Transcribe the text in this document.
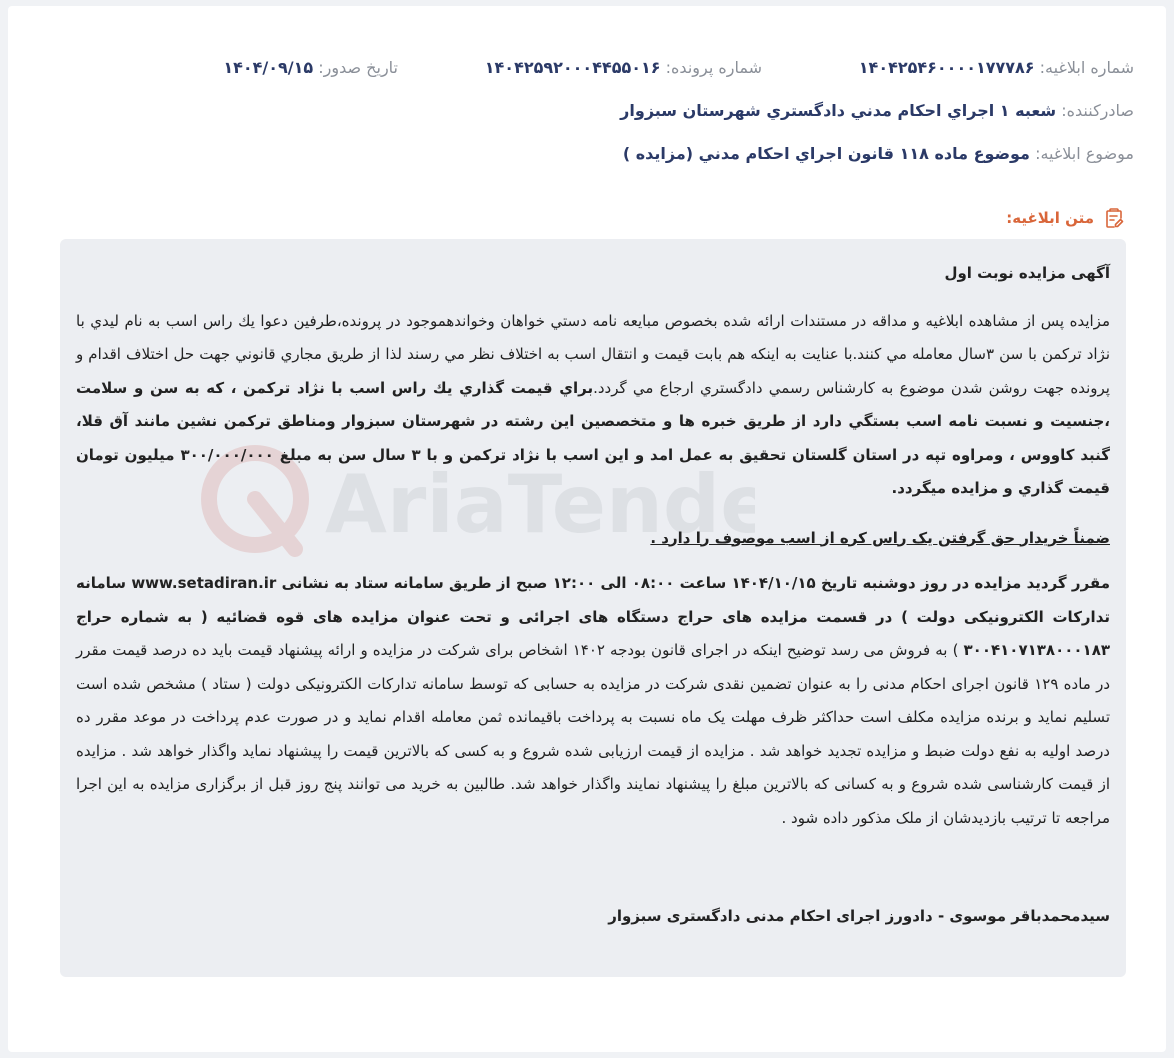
شماره ابلاغیه: ۱۴۰۴۲۵۴۶۰۰۰۰۱۷۷۷۸۶
شماره پرونده: ۱۴۰۴۲۵۹۲۰۰۰۴۴۵۵۰۱۶
تاریخ صدور: ۱۴۰۴/۰۹/۱۵
صادرکننده: شعبه ۱ اجراي احکام مدني دادگستري شهرستان سبزوار
موضوع ابلاغیه: موضوع ماده ۱۱۸ قانون اجراي احکام مدني (مزايده )
متن ابلاغیه:
AriaTende
آگهی مزایده نوبت اول

مزايده پس از مشاهده ابلاغيه و مداقه در مستندات ارائه شده بخصوص مبايعه نامه دستي خواهان وخواندهموجود در پرونده،طرفين دعوا يك راس اسب به نام ليدي با نژاد تركمن با سن ۳سال معامله مي كنند.با عنايت به اينكه هم بابت قيمت و انتقال اسب به اختلاف نظر مي رسند لذا از طريق مجاري قانوني جهت حل اختلاف اقدام و پرونده جهت روشن شدن موضوع به كارشناس رسمي دادگستري ارجاع مي گردد.براي قيمت گذاري يك راس اسب با نژاد تركمن ، كه به سن و سلامت ،جنسيت و نسبت نامه اسب بستگي دارد از طريق خبره ها و متخصصين اين رشته در شهرستان سبزوار ومناطق تركمن نشين مانند آق قلا، گنبد كاووس ، ومراوه تپه در استان گلستان تحقيق به عمل امد و اين اسب با نژاد تركمن و با ۳ سال سن به مبلغ ۳۰۰/۰۰۰/۰۰۰ ميليون تومان قيمت گذاري و مزايده ميگردد.

ضمناً خریدار حق گرفتن یک راس کره از اسب موصوف را دارد .

مقرر گردید مزایده در روز دوشنبه تاریخ ۱۴۰۴/۱۰/۱۵ ساعت ۰۸:۰۰ الی ۱۲:۰۰ صبح از طریق سامانه ستاد به نشانی www.setadiran.ir سامانه تدارکات الکترونیکی دولت ) در قسمت مزایده های حراج دستگاه های اجرائی و تحت عنوان مزایده های قوه قضائیه ( به شماره حراج ۳۰۰۴۱۰۷۱۳۸۰۰۰۱۸۳ ) به فروش می رسد توضیح اینکه در اجرای قانون بودجه ۱۴۰۲ اشخاص برای شرکت در مزایده و ارائه پیشنهاد قیمت باید ده درصد قیمت مقرر در ماده ۱۲۹ قانون اجرای احکام مدنی را به عنوان تضمین نقدی شرکت در مزایده به حسابی که توسط سامانه تدارکات الکترونیکی دولت ( ستاد ) مشخص شده است تسلیم نماید و برنده مزایده مکلف است حداکثر ظرف مهلت یک ماه نسبت به پرداخت باقیمانده ثمن معامله اقدام نماید و در صورت عدم پرداخت در موعد مقرر ده درصد اولیه به نفع دولت ضبط و مزایده تجدید خواهد شد . مزایده از قیمت ارزیابی شده شروع و به کسی که بالاترین قیمت را پیشنهاد نماید واگذار خواهد شد . مزایده از قیمت کارشناسی شده شروع و به کسانی که بالاترین مبلغ را پیشنهاد نمایند واگذار خواهد شد. طالبین به خرید می توانند پنج روز قبل از برگزاری مزایده به این اجرا مراجعه تا ترتیب بازدیدشان از ملک مذکور داده شود .

سیدمحمدباقر موسوی - دادورز اجرای احکام مدنی دادگستری سبزوار
